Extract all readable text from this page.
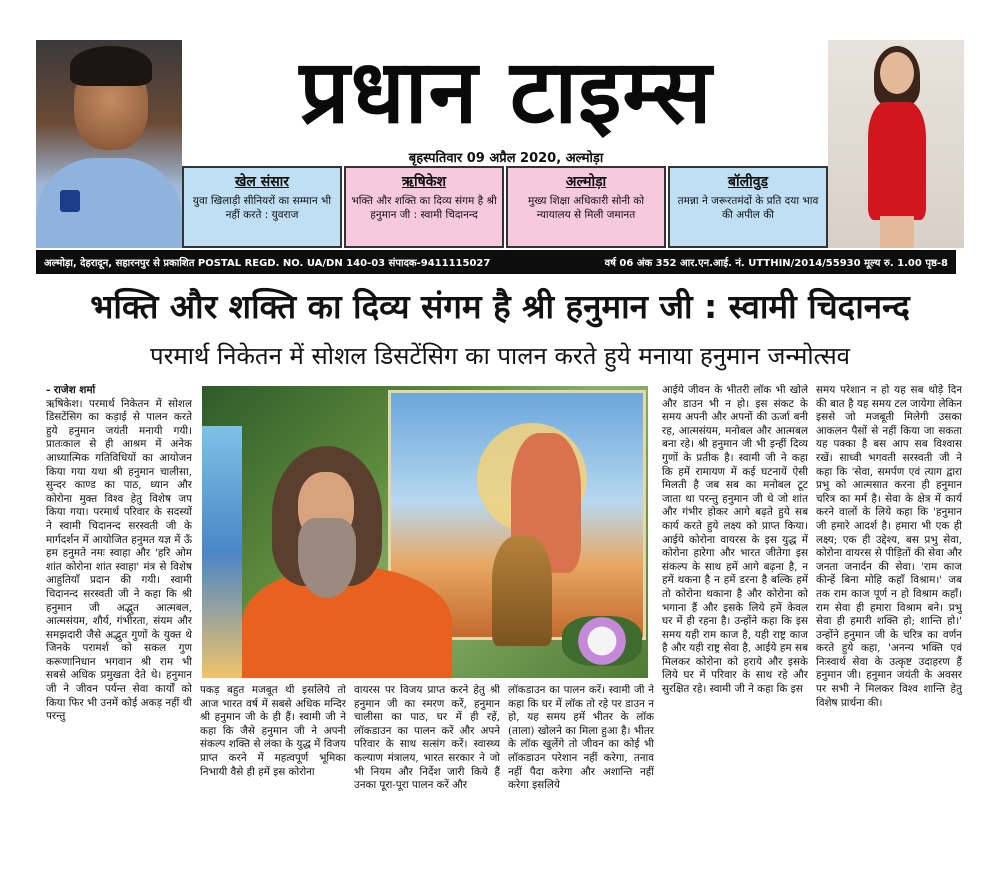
प्रधान टाइम्स
बृहस्पतिवार 09 अप्रैल 2020, अल्मोड़ा
खेल संसार
युवा खिलाड़ी सीनियरों का सम्मान भी नहीं करते : युवराज
ऋषिकेश
भक्ति और शक्ति का दिव्य संगम है श्री हनुमान जी : स्वामी चिदानन्द
अल्मोड़ा
मुख्य शिक्षा अधिकारी सोनी को न्यायालय से मिली जमानत
बॉलीवुड
तमन्ना ने जरूरतमंदों के प्रति दया भाव की अपील की
अल्मोड़ा, देहरादून, सहारनपुर से प्रकाशित POSTAL REGD. NO. UA/DN 140-03 संपादक-9411115027	वर्ष 06 अंक 352 आर.एन.आई. नं. UTTHIN/2014/55930 मूल्य रु. 1.00 पृष्ठ-8
भक्ति और शक्ति का दिव्य संगम है श्री हनुमान जी : स्वामी चिदानन्द
परमार्थ निकेतन में सोशल डिसटेंसिग का पालन करते हुये मनाया हनुमान जन्मोत्सव

- राजेश शर्मा

ऋषिकेश। परमार्थ निकेतन में सोशल डिसटेंसिग का कड़ाई से पालन करते हुये हनुमान जयंती मनायी गयी। प्रातःकाल से ही आश्रम में अनेक आध्यात्मिक गतिविधियों का आयोजन किया गया यथा श्री हनुमान चालीसा, सुन्दर काण्ड का पाठ, ध्यान और कोरोना मुक्त विश्व हेतु विशेष जप किया गया। परमार्थ परिवार के सदस्यों ने स्वामी चिदानन्द सरस्वती जी के मार्गदर्शन में आयोजित हनुमत यज्ञ में ऊँ हम हनुमते नमः स्वाहा और 'हरि ओम शांत कोरोना शांत स्वाहा' मंत्र से विशेष आहुतियाँ प्रदान की गयी। स्वामी चिदानन्द सरस्वती जी ने कहा कि श्री हनुमान जी अद्भुत आत्मबल, आत्मसंयम, शौर्य, गंभीरता, संयम और समझदारी जैसे अद्भुत गुणों के युक्त थे जिनके परामर्श को सकल गुण करूणानिधान भगवान श्री राम भी सबसे अधिक प्रमुखता देते थे। हनुमान जी ने जीवन पर्यन्त सेवा कार्यों को किया फिर भी उनमें कोई अकड़ नहीं थी परन्तु

पकड़ बहुत मजबूत थी इसलिये तो आज भारत वर्ष में सबसे अधिक मन्दिर श्री हनुमान जी के ही हैं। स्वामी जी ने कहा कि जैसे हनुमान जी ने अपनी संकल्प शक्ति से लंका के युद्ध में विजय प्राप्त करने में महत्वपूर्ण भूमिका निभायी वैसे ही हमें इस कोरोना

वायरस पर विजय प्राप्त करने हेतु श्री हनुमान जी का स्मरण करें, हनुमान चालीसा का पाठ, घर में ही रहें, लॉकडाउन का पालन करें और अपने परिवार के साथ सत्संग करें। स्वास्थ्य कल्याण मंत्रालय, भारत सरकार ने जो भी नियम और निर्देश जारी किये हैं उनका पूरा-पूरा पालन करें और

लॉकडाउन का पालन करें। स्वामी जी ने कहा कि घर में लॉक तो रहे पर डाउन न हो, यह समय हमें भीतर के लॉक (ताला) खोलने का मिला हुआ है। भीतर के लॉक खुलेंगे तो जीवन का कोई भी लॉकडाउन परेशान नहीं करेगा, तनाव नहीं पैदा करेगा और अशान्ति नहीं करेगा इसलिये

आईये जीवन के भीतरी लॉक भी खोले और डाउन भी न हो। इस संकट के समय अपनी और अपनों की ऊर्जा बनी रह, आत्मसंयम, मनोबल और आत्मबल बना रहे। श्री हनुमान जी भी इन्हीं दिव्य गुणों के प्रतीक है। स्वामी जी ने कहा कि हमें रामायण में कई घटनायें ऐसी मिलती है जब सब का मनोबल टूट जाता था परन्तु हनुमान जी थे जो शांत और गंभीर होकर आगे बढ़ते हुये सब कार्य करते हुये लक्ष्य को प्राप्त किया। आईये कोरोना वायरस के इस युद्ध में कोरोना हारेगा और भारत जीतेगा इस संकल्प के साथ हमें आगे बढ़ना है, न हमें थकना है न हमें डरना है बल्कि हमें तो कोरोना थकाना है और कोरोना को भगाना हैं और इसके लिये हमें केवल घर में ही रहना है। उन्होंने कहा कि इस समय यही राम काज है, यही राष्ट्र काज है और यही राष्ट्र सेवा है, आईये हम सब मिलकर कोरोना को हराये और इसके लिये घर में परिवार के साथ रहे और सुरक्षित रहे। स्वामी जी ने कहा कि इस

समय परेशान न हो यह सब थोड़े दिन की बात है यह समय टल जायेगा लेकिन इससे जो मजबूती मिलेगी उसका आकलन पैसों से नहीं किया जा सकता यह पक्का है बस आप सब विश्वास रखें। साध्वी भगवती सरस्वती जी ने कहा कि 'सेवा, समर्पण एवं त्याग द्वारा प्रभु को आत्मसात करना ही हनुमान चरित्र का मर्म है। सेवा के क्षेत्र में कार्य करने वालों के लिये कहा कि 'हनुमान जी हमारे आदर्श है। हमारा भी एक ही लक्ष्य; एक ही उद्देश्य, बस प्रभु सेवा, कोरोना वायरस से पीड़ितों की सेवा और जनता जनार्दन की सेवा। 'राम काज कीन्हें बिना मोहि कहाँ विश्राम।' जब तक राम काज पूर्ण न हो विश्राम कहाँ। राम सेवा ही हमारा विश्राम बने। प्रभु सेवा ही हमारी शक्ति हो; शान्ति हो।' उन्होंने हनुमान जी के चरित्र का वर्णन करते हुये कहा, 'अनन्य भक्ति एवं निःस्वार्थ सेवा के उत्कृष्ट उदाहरण हैं हनुमान जी। हनुमान जयंती के अवसर पर सभी ने मिलकर विश्व शान्ति हेतु विशेष प्रार्थना की।
